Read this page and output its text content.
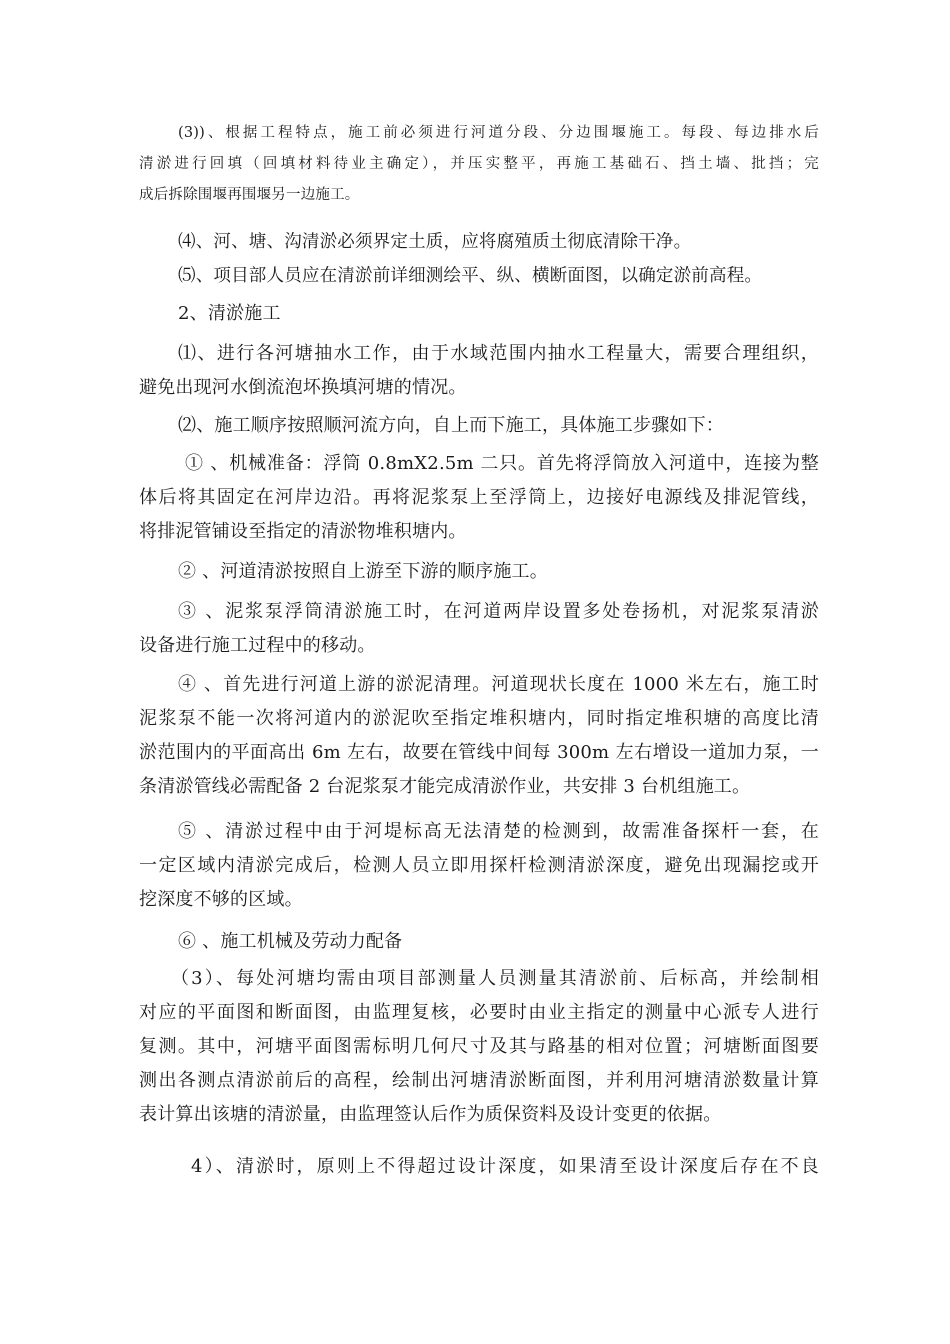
(3))、根据工程特点，施工前必须进行河道分段、分边围堰施工。每段、每边排水后
清淤进行回填（回填材料待业主确定），并压实整平，再施工基础石、挡土墙、批挡；完
成后拆除围堰再围堰另一边施工。
⑷、河、塘、沟清淤必须界定土质，应将腐殖质土彻底清除干净。
⑸、项目部人员应在清淤前详细测绘平、纵、横断面图，以确定淤前高程。
2、清淤施工
⑴、进行各河塘抽水工作，由于水域范围内抽水工程量大，需要合理组织，
避免出现河水倒流泡坏换填河塘的情况。
⑵、施工顺序按照顺河流方向，自上而下施工，具体施工步骤如下：
① 、机械准备：浮筒 0.8mX2.5m 二只。首先将浮筒放入河道中，连接为整
体后将其固定在河岸边沿。再将泥浆泵上至浮筒上，边接好电源线及排泥管线，
将排泥管铺设至指定的清淤物堆积塘内。
② 、河道清淤按照自上游至下游的顺序施工。
③ 、泥浆泵浮筒清淤施工时，在河道两岸设置多处卷扬机，对泥浆泵清淤
设备进行施工过程中的移动。
④ 、首先进行河道上游的淤泥清理。河道现状长度在 1000 米左右，施工时
泥浆泵不能一次将河道内的淤泥吹至指定堆积塘内，同时指定堆积塘的高度比清
淤范围内的平面高出 6m 左右，故要在管线中间每 300m 左右增设一道加力泵，一
条清淤管线必需配备 2 台泥浆泵才能完成清淤作业，共安排 3 台机组施工。
⑤ 、清淤过程中由于河堤标高无法清楚的检测到，故需准备探杆一套，在
一定区域内清淤完成后，检测人员立即用探杆检测清淤深度，避免出现漏挖或开
挖深度不够的区域。
⑥ 、施工机械及劳动力配备
（3）、每处河塘均需由项目部测量人员测量其清淤前、后标高，并绘制相
对应的平面图和断面图，由监理复核，必要时由业主指定的测量中心派专人进行
复测。其中，河塘平面图需标明几何尺寸及其与路基的相对位置；河塘断面图要
测出各测点清淤前后的高程，绘制出河塘清淤断面图，并利用河塘清淤数量计算
表计算出该塘的清淤量，由监理签认后作为质保资料及设计变更的依据。
4）、清淤时，原则上不得超过设计深度，如果清至设计深度后存在不良
